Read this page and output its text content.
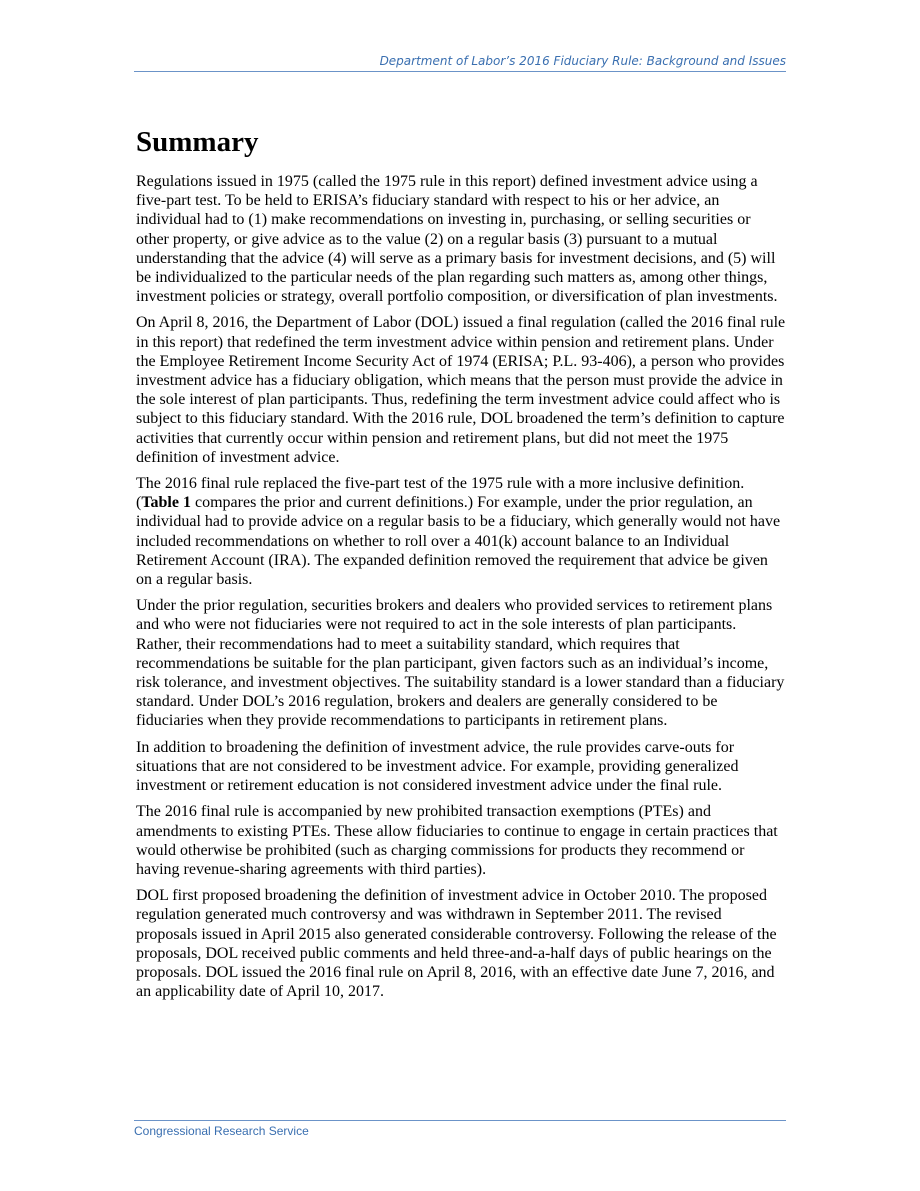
Department of Labor’s 2016 Fiduciary Rule: Background and Issues
Summary

Regulations issued in 1975 (called the 1975 rule in this report) defined investment advice using a five-part test. To be held to ERISA’s fiduciary standard with respect to his or her advice, an individual had to (1) make recommendations on investing in, purchasing, or selling securities or other property, or give advice as to the value (2) on a regular basis (3) pursuant to a mutual understanding that the advice (4) will serve as a primary basis for investment decisions, and (5) will be individualized to the particular needs of the plan regarding such matters as, among other things, investment policies or strategy, overall portfolio composition, or diversification of plan investments.

On April 8, 2016, the Department of Labor (DOL) issued a final regulation (called the 2016 final rule in this report) that redefined the term investment advice within pension and retirement plans. Under the Employee Retirement Income Security Act of 1974 (ERISA; P.L. 93-406), a person who provides investment advice has a fiduciary obligation, which means that the person must provide the advice in the sole interest of plan participants. Thus, redefining the term investment advice could affect who is subject to this fiduciary standard. With the 2016 rule, DOL broadened the term’s definition to capture activities that currently occur within pension and retirement plans, but did not meet the 1975 definition of investment advice.

The 2016 final rule replaced the five-part test of the 1975 rule with a more inclusive definition. (Table 1 compares the prior and current definitions.) For example, under the prior regulation, an individual had to provide advice on a regular basis to be a fiduciary, which generally would not have included recommendations on whether to roll over a 401(k) account balance to an Individual Retirement Account (IRA). The expanded definition removed the requirement that advice be given on a regular basis.

Under the prior regulation, securities brokers and dealers who provided services to retirement plans and who were not fiduciaries were not required to act in the sole interests of plan participants. Rather, their recommendations had to meet a suitability standard, which requires that recommendations be suitable for the plan participant, given factors such as an individual’s income, risk tolerance, and investment objectives. The suitability standard is a lower standard than a fiduciary standard. Under DOL’s 2016 regulation, brokers and dealers are generally considered to be fiduciaries when they provide recommendations to participants in retirement plans.

In addition to broadening the definition of investment advice, the rule provides carve-outs for situations that are not considered to be investment advice. For example, providing generalized investment or retirement education is not considered investment advice under the final rule.

The 2016 final rule is accompanied by new prohibited transaction exemptions (PTEs) and amendments to existing PTEs. These allow fiduciaries to continue to engage in certain practices that would otherwise be prohibited (such as charging commissions for products they recommend or having revenue-sharing agreements with third parties).

DOL first proposed broadening the definition of investment advice in October 2010. The proposed regulation generated much controversy and was withdrawn in September 2011. The revised proposals issued in April 2015 also generated considerable controversy. Following the release of the proposals, DOL received public comments and held three-and-a-half days of public hearings on the proposals. DOL issued the 2016 final rule on April 8, 2016, with an effective date June 7, 2016, and an applicability date of April 10, 2017.

Congressional Research Service
